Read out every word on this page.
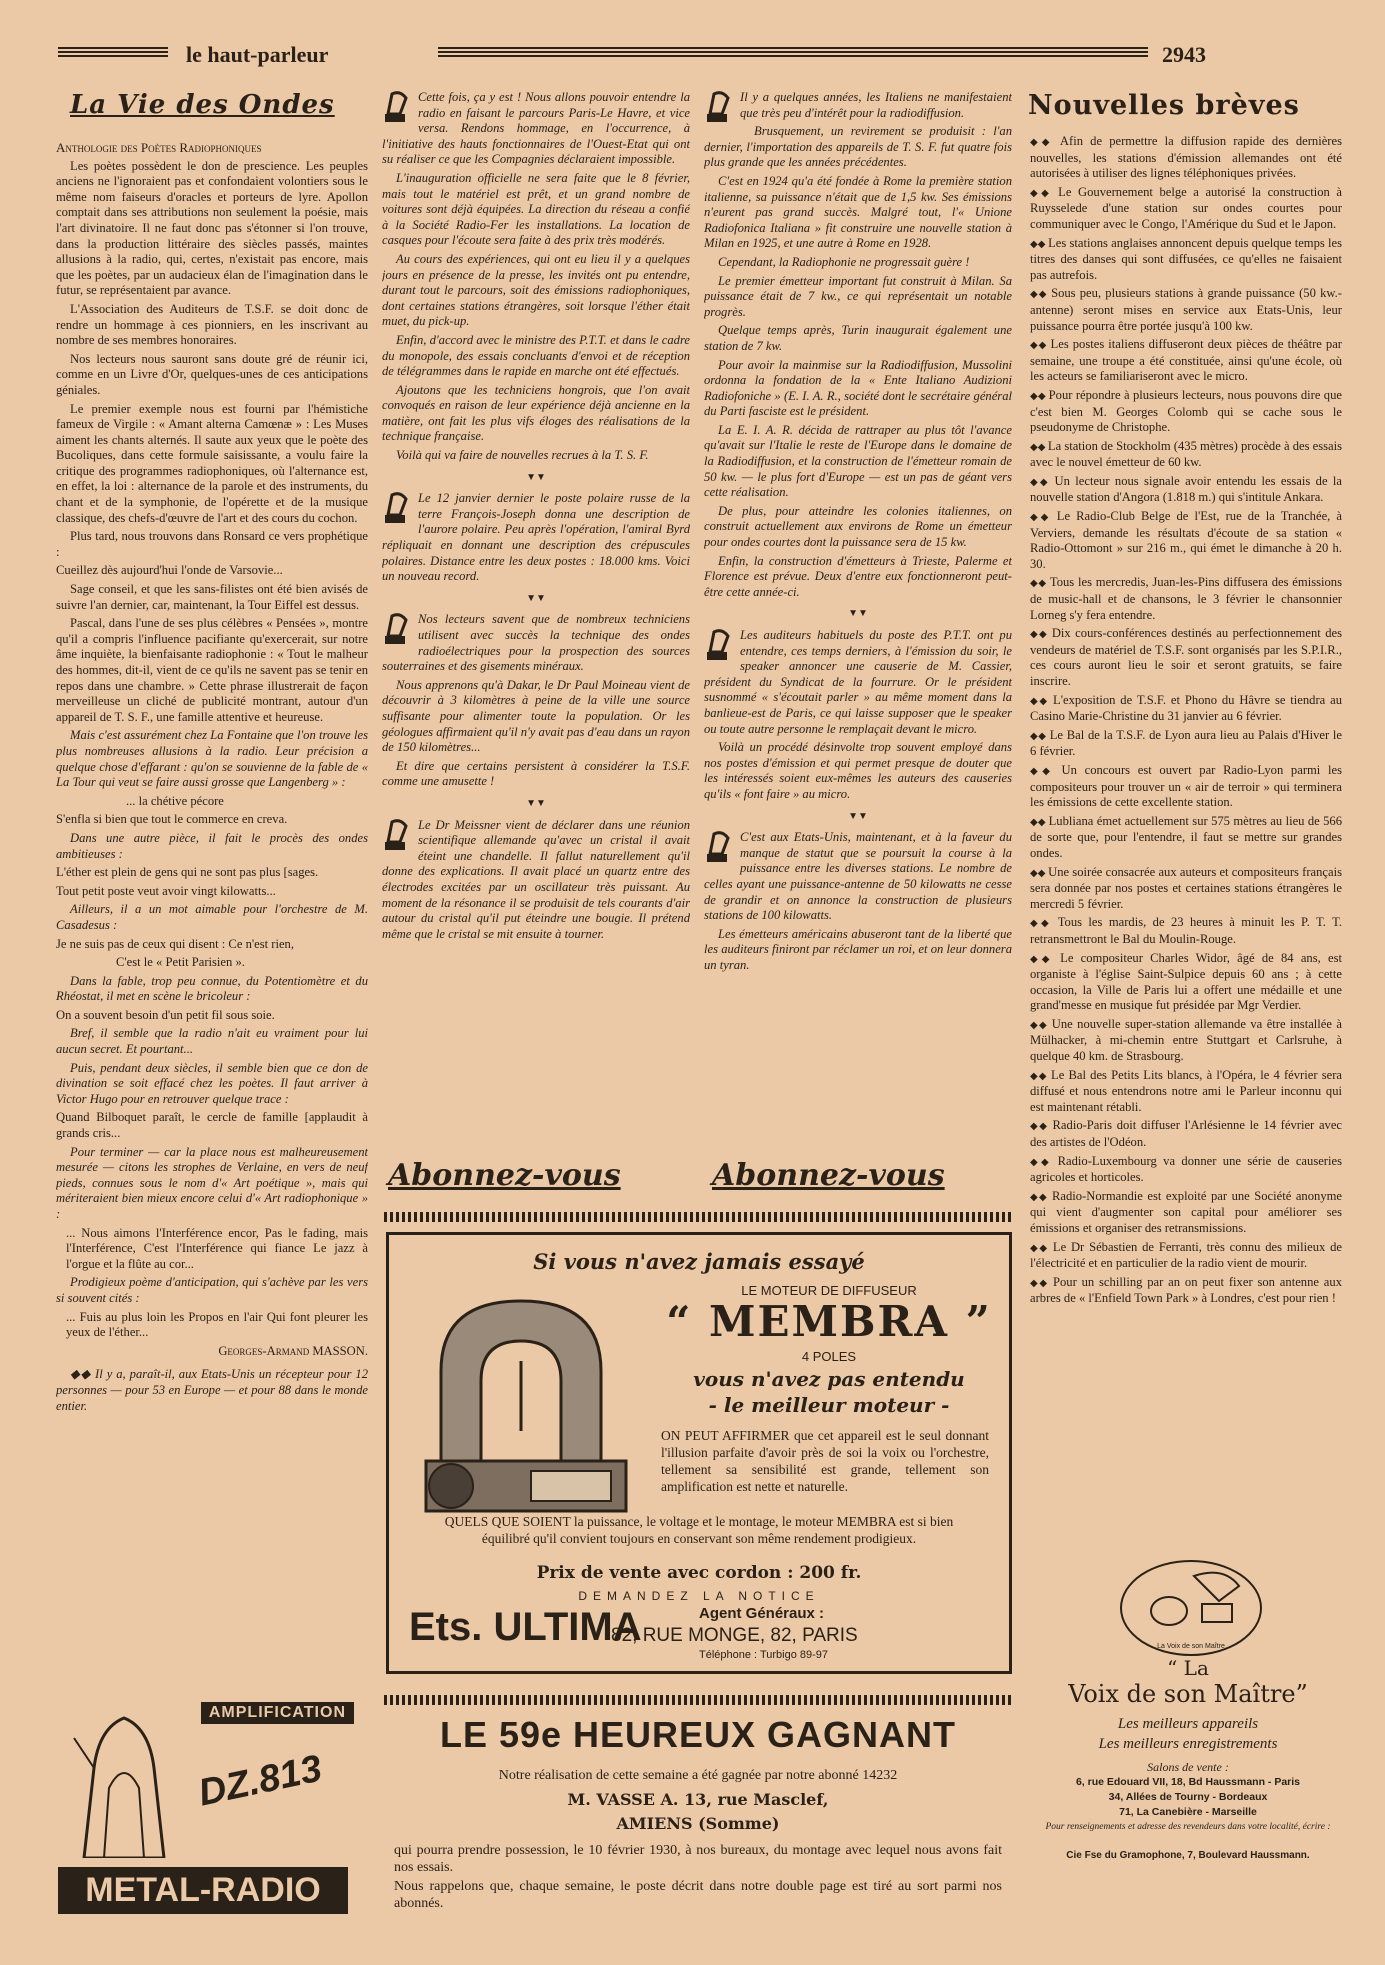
le haut-parleur	2943
La Vie des Ondes

Anthologie des Poètes Radiophoniques

Les poètes possèdent le don de prescience. Les peuples anciens ne l'ignoraient pas et confondaient volontiers sous le même nom faiseurs d'oracles et porteurs de lyre. Apollon comptait dans ses attributions non seulement la poésie, mais l'art divinatoire. Il ne faut donc pas s'étonner si l'on trouve, dans la production littéraire des siècles passés, maintes allusions à la radio, qui, certes, n'existait pas encore, mais que les poètes, par un audacieux élan de l'imagination dans le futur, se représentaient par avance.

L'Association des Auditeurs de T.S.F. se doit donc de rendre un hommage à ces pionniers, en les inscrivant au nombre de ses membres honoraires.

Nos lecteurs nous sauront sans doute gré de réunir ici, comme en un Livre d'Or, quelques-unes de ces anticipations géniales.

Le premier exemple nous est fourni par l'hémistiche fameux de Virgile : « Amant alterna Camœnæ » : Les Muses aiment les chants alternés. Il saute aux yeux que le poète des Bucoliques, dans cette formule saisissante, a voulu faire la critique des programmes radiophoniques, où l'alternance est, en effet, la loi : alternance de la parole et des instruments, du chant et de la symphonie, de l'opérette et de la musique classique, des chefs-d'œuvre de l'art et des cours du cochon.

Plus tard, nous trouvons dans Ronsard ce vers prophétique :

Cueillez dès aujourd'hui l'onde de Varsovie...

Sage conseil, et que les sans-filistes ont été bien avisés de suivre l'an dernier, car, maintenant, la Tour Eiffel est dessus.

Pascal, dans l'une de ses plus célèbres « Pensées », montre qu'il a compris l'influence pacifiante qu'exercerait, sur notre âme inquiète, la bienfaisante radiophonie : « Tout le malheur des hommes, dit-il, vient de ce qu'ils ne savent pas se tenir en repos dans une chambre. » Cette phrase illustrerait de façon merveilleuse un cliché de publicité montrant, autour d'un appareil de T. S. F., une famille attentive et heureuse.

Mais c'est assurément chez La Fontaine que l'on trouve les plus nombreuses allusions à la radio. Leur précision a quelque chose d'effarant : qu'on se souvienne de la fable de « La Tour qui veut se faire aussi grosse que Langenberg » :

... la chétive pécore

S'enfla si bien que tout le commerce en creva.

Dans une autre pièce, il fait le procès des ondes ambitieuses :

L'éther est plein de gens qui ne sont pas plus [sages.

Tout petit poste veut avoir vingt kilowatts...

Ailleurs, il a un mot aimable pour l'orchestre de M. Casadesus :

Je ne suis pas de ceux qui disent : Ce n'est rien,

C'est le « Petit Parisien ».

Dans la fable, trop peu connue, du Potentiomètre et du Rhéostat, il met en scène le bricoleur :

On a souvent besoin d'un petit fil sous soie.

Bref, il semble que la radio n'ait eu vraiment pour lui aucun secret. Et pourtant...

Puis, pendant deux siècles, il semble bien que ce don de divination se soit effacé chez les poètes. Il faut arriver à Victor Hugo pour en retrouver quelque trace :

Quand Bilboquet paraît, le cercle de famille [applaudit à grands cris...

Pour terminer — car la place nous est malheureusement mesurée — citons les strophes de Verlaine, en vers de neuf pieds, connues sous le nom d'« Art poétique », mais qui mériteraient bien mieux encore celui d'« Art radiophonique » :

... Nous aimons l'Interférence encor, Pas le fading, mais l'Interférence, C'est l'Interférence qui fiance Le jazz à l'orgue et la flûte au cor...

Prodigieux poème d'anticipation, qui s'achève par les vers si souvent cités :

... Fuis au plus loin les Propos en l'air Qui font pleurer les yeux de l'éther...

Georges-Armand MASSON.

◆◆ Il y a, paraît-il, aux Etats-Unis un récepteur pour 12 personnes — pour 53 en Europe — et pour 88 dans le monde entier.

AMPLIFICATION
DZ.813
METAL-RADIO

Cette fois, ça y est ! Nous allons pouvoir entendre la radio en faisant le parcours Paris-Le Havre, et vice versa. Rendons hommage, en l'occurrence, à l'initiative des hauts fonctionnaires de l'Ouest-Etat qui ont su réaliser ce que les Compagnies déclaraient impossible.

L'inauguration officielle ne sera faite que le 8 février, mais tout le matériel est prêt, et un grand nombre de voitures sont déjà équipées. La direction du réseau a confié à la Société Radio-Fer les installations. La location de casques pour l'écoute sera faite à des prix très modérés.

Au cours des expériences, qui ont eu lieu il y a quelques jours en présence de la presse, les invités ont pu entendre, durant tout le parcours, soit des émissions radiophoniques, dont certaines stations étrangères, soit lorsque l'éther était muet, du pick-up.

Enfin, d'accord avec le ministre des P.T.T. et dans le cadre du monopole, des essais concluants d'envoi et de réception de télégrammes dans le rapide en marche ont été effectués.

Ajoutons que les techniciens hongrois, que l'on avait convoqués en raison de leur expérience déjà ancienne en la matière, ont fait les plus vifs éloges des réalisations de la technique française.

Voilà qui va faire de nouvelles recrues à la T. S. F.

▼▼

Le 12 janvier dernier le poste polaire russe de la terre François-Joseph donna une description de l'aurore polaire. Peu après l'opération, l'amiral Byrd répliquait en donnant une description des crépuscules polaires. Distance entre les deux postes : 18.000 kms. Voici un nouveau record.

▼▼

Nos lecteurs savent que de nombreux techniciens utilisent avec succès la technique des ondes radioélectriques pour la prospection des sources souterraines et des gisements minéraux.

Nous apprenons qu'à Dakar, le Dr Paul Moineau vient de découvrir à 3 kilomètres à peine de la ville une source suffisante pour alimenter toute la population. Or les géologues affirmaient qu'il n'y avait pas d'eau dans un rayon de 150 kilomètres...

Et dire que certains persistent à considérer la T.S.F. comme une amusette !

▼▼

Le Dr Meissner vient de déclarer dans une réunion scientifique allemande qu'avec un cristal il avait éteint une chandelle. Il fallut naturellement qu'il donne des explications. Il avait placé un quartz entre des électrodes excitées par un oscillateur très puissant. Au moment de la résonance il se produisit de tels courants d'air autour du cristal qu'il put éteindre une bougie. Il prétend même que le cristal se mit ensuite à tourner.

Il y a quelques années, les Italiens ne manifestaient que très peu d'intérêt pour la radiodiffusion.

Brusquement, un revirement se produisit : l'an dernier, l'importation des appareils de T. S. F. fut quatre fois plus grande que les années précédentes.

C'est en 1924 qu'a été fondée à Rome la première station italienne, sa puissance n'était que de 1,5 kw. Ses émissions n'eurent pas grand succès. Malgré tout, l'« Unione Radiofonica Italiana » fit construire une nouvelle station à Milan en 1925, et une autre à Rome en 1928.

Cependant, la Radiophonie ne progressait guère !

Le premier émetteur important fut construit à Milan. Sa puissance était de 7 kw., ce qui représentait un notable progrès.

Quelque temps après, Turin inaugurait également une station de 7 kw.

Pour avoir la mainmise sur la Radiodiffusion, Mussolini ordonna la fondation de la « Ente Italiano Audizioni Radiofoniche » (E. I. A. R., société dont le secrétaire général du Parti fasciste est le président.

La E. I. A. R. décida de rattraper au plus tôt l'avance qu'avait sur l'Italie le reste de l'Europe dans le domaine de la Radiodiffusion, et la construction de l'émetteur romain de 50 kw. — le plus fort d'Europe — est un pas de géant vers cette réalisation.

De plus, pour atteindre les colonies italiennes, on construit actuellement aux environs de Rome un émetteur pour ondes courtes dont la puissance sera de 15 kw.

Enfin, la construction d'émetteurs à Trieste, Palerme et Florence est prévue. Deux d'entre eux fonctionneront peut-être cette année-ci.

▼▼

Les auditeurs habituels du poste des P.T.T. ont pu entendre, ces temps derniers, à l'émission du soir, le speaker annoncer une causerie de M. Cassier, président du Syndicat de la fourrure. Or le président susnommé « s'écoutait parler » au même moment dans la banlieue-est de Paris, ce qui laisse supposer que le speaker ou toute autre personne le remplaçait devant le micro.

Voilà un procédé désinvolte trop souvent employé dans nos postes d'émission et qui permet presque de douter que les intéressés soient eux-mêmes les auteurs des causeries qu'ils « font faire » au micro.

▼▼

C'est aux Etats-Unis, maintenant, et à la faveur du manque de statut que se poursuit la course à la puissance entre les diverses stations. Le nombre de celles ayant une puissance-antenne de 50 kilowatts ne cesse de grandir et on annonce la construction de plusieurs stations de 100 kilowatts.

Les émetteurs américains abuseront tant de la liberté que les auditeurs finiront par réclamer un roi, et on leur donnera un tyran.

Abonnez-vous	Abonnez-vous
Si vous n'avez jamais essayé
LE MOTEUR DE DIFFUSEUR
“ MEMBRA ”
4 POLES
vous n'avez pas entendu
- le meilleur moteur -
ON PEUT AFFIRMER que cet appareil est le seul donnant l'illusion parfaite d'avoir près de soi la voix ou l'orchestre, tellement sa sensibilité est grande, tellement son amplification est nette et naturelle.
QUELS QUE SOIENT la puissance, le voltage et le montage, le moteur MEMBRA est si bien équilibré qu'il convient toujours en conservant son même rendement prodigieux.
Prix de vente avec cordon : 200 fr.
DEMANDEZ LA NOTICE
Ets. ULTIMA	Agent Généraux :
82, RUE MONGE, 82, PARIS
Téléphone : Turbigo 89-97
LE 59e HEUREUX GAGNANT
Notre réalisation de cette semaine a été gagnée par notre abonné 14232
M. VASSE A. 13, rue Masclef,
AMIENS (Somme)
qui pourra prendre possession, le 10 février 1930, à nos bureaux, du montage avec lequel nous avons fait nos essais.
Nous rappelons que, chaque semaine, le poste décrit dans notre double page est tiré au sort parmi nos abonnés.
Nouvelles brèves

◆◆ Afin de permettre la diffusion rapide des dernières nouvelles, les stations d'émission allemandes ont été autorisées à utiliser des lignes téléphoniques privées.

◆◆ Le Gouvernement belge a autorisé la construction à Ruysselede d'une station sur ondes courtes pour communiquer avec le Congo, l'Amérique du Sud et le Japon.

◆◆ Les stations anglaises annoncent depuis quelque temps les titres des danses qui sont diffusées, ce qu'elles ne faisaient pas autrefois.

◆◆ Sous peu, plusieurs stations à grande puissance (50 kw.-antenne) seront mises en service aux Etats-Unis, leur puissance pourra être portée jusqu'à 100 kw.

◆◆ Les postes italiens diffuseront deux pièces de théâtre par semaine, une troupe a été constituée, ainsi qu'une école, où les acteurs se familiariseront avec le micro.

◆◆ Pour répondre à plusieurs lecteurs, nous pouvons dire que c'est bien M. Georges Colomb qui se cache sous le pseudonyme de Christophe.

◆◆ La station de Stockholm (435 mètres) procède à des essais avec le nouvel émetteur de 60 kw.

◆◆ Un lecteur nous signale avoir entendu les essais de la nouvelle station d'Angora (1.818 m.) qui s'intitule Ankara.

◆◆ Le Radio-Club Belge de l'Est, rue de la Tranchée, à Verviers, demande les résultats d'écoute de sa station « Radio-Ottomont » sur 216 m., qui émet le dimanche à 20 h. 30.

◆◆ Tous les mercredis, Juan-les-Pins diffusera des émissions de music-hall et de chansons, le 3 février le chansonnier Lorneg s'y fera entendre.

◆◆ Dix cours-conférences destinés au perfectionnement des vendeurs de matériel de T.S.F. sont organisés par les S.P.I.R., ces cours auront lieu le soir et seront gratuits, se faire inscrire.

◆◆ L'exposition de T.S.F. et Phono du Hâvre se tiendra au Casino Marie-Christine du 31 janvier au 6 février.

◆◆ Le Bal de la T.S.F. de Lyon aura lieu au Palais d'Hiver le 6 février.

◆◆ Un concours est ouvert par Radio-Lyon parmi les compositeurs pour trouver un « air de terroir » qui terminera les émissions de cette excellente station.

◆◆ Lubliana émet actuellement sur 575 mètres au lieu de 566 de sorte que, pour l'entendre, il faut se mettre sur grandes ondes.

◆◆ Une soirée consacrée aux auteurs et compositeurs français sera donnée par nos postes et certaines stations étrangères le mercredi 5 février.

◆◆ Tous les mardis, de 23 heures à minuit les P. T. T. retransmettront le Bal du Moulin-Rouge.

◆◆ Le compositeur Charles Widor, âgé de 84 ans, est organiste à l'église Saint-Sulpice depuis 60 ans ; à cette occasion, la Ville de Paris lui a offert une médaille et une grand'messe en musique fut présidée par Mgr Verdier.

◆◆ Une nouvelle super-station allemande va être installée à Mülhacker, à mi-chemin entre Stuttgart et Carlsruhe, à quelque 40 km. de Strasbourg.

◆◆ Le Bal des Petits Lits blancs, à l'Opéra, le 4 février sera diffusé et nous entendrons notre ami le Parleur inconnu qui est maintenant rétabli.

◆◆ Radio-Paris doit diffuser l'Arlésienne le 14 février avec des artistes de l'Odéon.

◆◆ Radio-Luxembourg va donner une série de causeries agricoles et horticoles.

◆◆ Radio-Normandie est exploité par une Société anonyme qui vient d'augmenter son capital pour améliorer ses émissions et organiser des retransmissions.

◆◆ Le Dr Sébastien de Ferranti, très connu des milieux de l'électricité et en particulier de la radio vient de mourir.

◆◆ Pour un schilling par an on peut fixer son antenne aux arbres de « l'Enfield Town Park » à Londres, c'est pour rien !

La Voix de son Maître
“ La
Voix de son Maître”
Les meilleurs appareils
Les meilleurs enregistrements
Salons de vente :
6, rue Edouard VII, 18, Bd Haussmann - Paris
34, Allées de Tourny - Bordeaux
71, La Canebière - Marseille
Pour renseignements et adresse des revendeurs dans votre localité, écrire :
Cie Fse du Gramophone, 7, Boulevard Haussmann.
